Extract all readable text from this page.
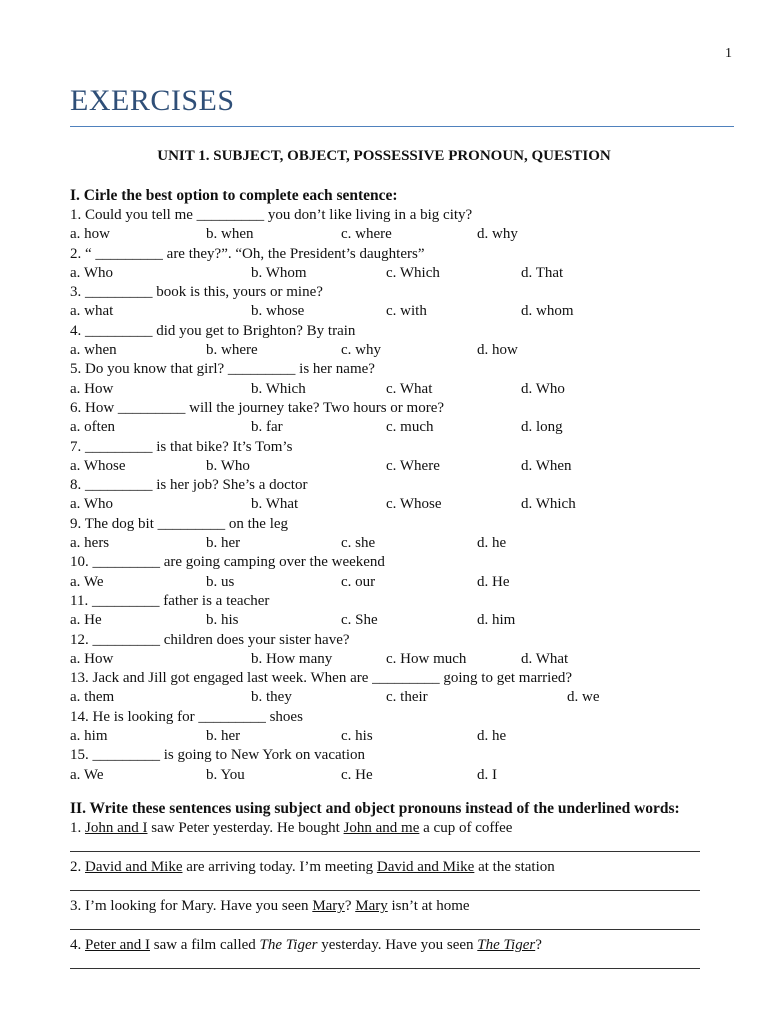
1
EXERCISES
UNIT 1. SUBJECT, OBJECT, POSSESSIVE PRONOUN, QUESTION
I. Cirle the best option to complete each sentence:
1. Could you tell me _________ you don’t like living in a big city?
a. how	b. when	c. where	d. why
2. “ _________ are they?”. “Oh, the President’s daughters”
a. Who	b. Whom	c. Which	d. That
3. _________ book is this, yours or mine?
a. what	b. whose	c. with	d. whom
4. _________ did you get to Brighton? By train
a. when	b. where	c. why	d. how
5. Do you know that girl? _________ is her name?
a. How	b. Which	c. What	d. Who
6. How _________ will the journey take? Two hours or more?
a. often	b. far	c. much	d. long
7. _________ is that bike? It’s Tom’s
a. Whose	b. Who	c. Where	d. When
8. _________ is her job? She’s a doctor
a. Who	b. What	c. Whose	d. Which
9. The dog bit _________ on the leg
a. hers	b. her	c. she	d. he
10. _________ are going camping over the weekend
a. We	b. us	c. our	d. He
11. _________ father is a teacher
a. He	b. his	c. She	d. him
12. _________ children does your sister have?
a. How	b. How many	c. How much	d. What
13. Jack and Jill got engaged last week. When are _________ going to get married?
a. them	b. they	c. their	d. we
14. He is looking for _________ shoes
a. him	b. her	c. his	d. he
15. _________ is going to New York on vacation
a. We	b. You	c. He	d. I
II. Write these sentences using subject and object pronouns instead of the underlined words:
1. John and I saw Peter yesterday. He bought John and me a cup of coffee
2. David and Mike are arriving today. I’m meeting David and Mike at the station
3. I’m looking for Mary. Have you seen Mary? Mary isn’t at home
4. Peter and I saw a film called The Tiger yesterday. Have you seen The Tiger?
